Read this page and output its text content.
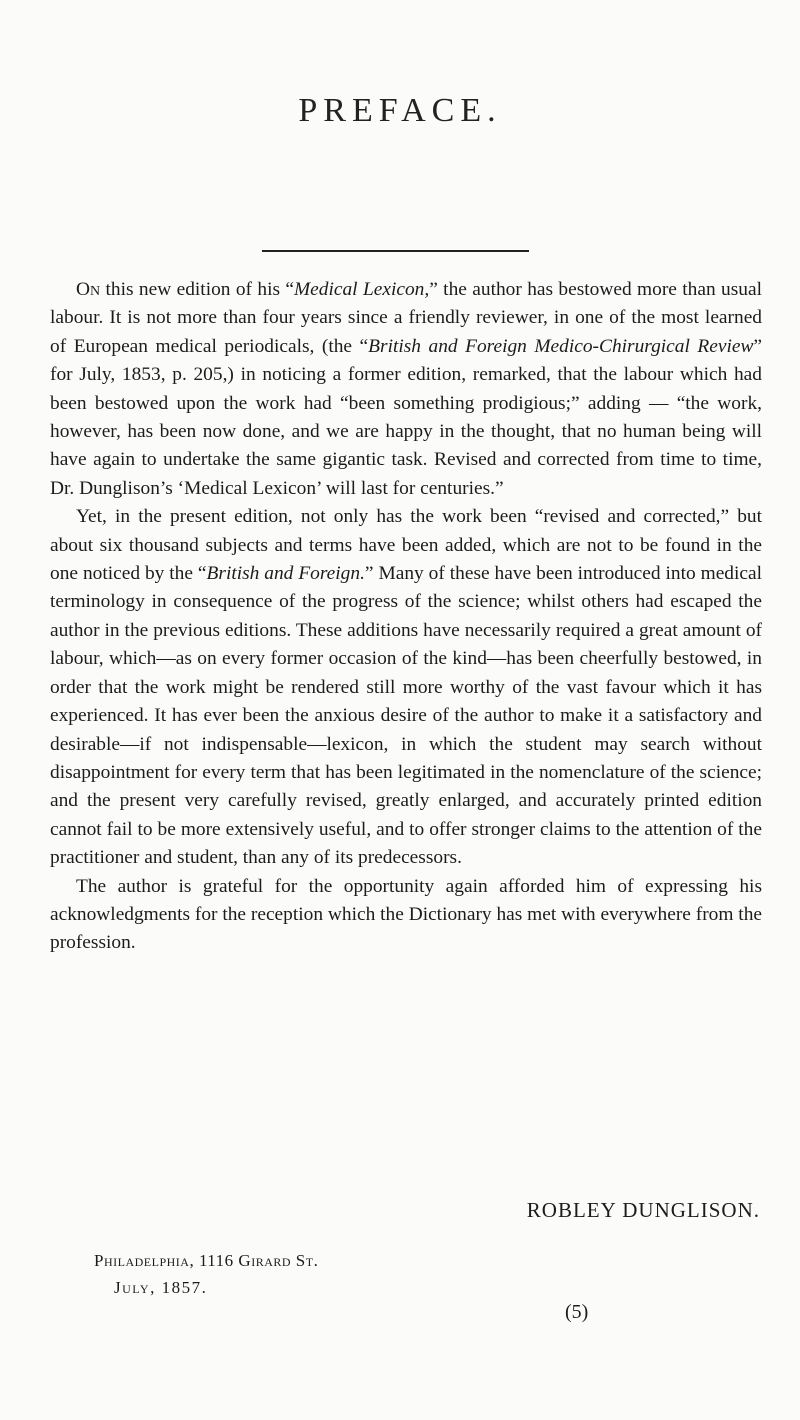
PREFACE.

On this new edition of his “Medical Lexicon,” the author has bestowed more than usual labour. It is not more than four years since a friendly reviewer, in one of the most learned of European medical periodicals, (the “British and Foreign Medico-Chirurgical Review” for July, 1853, p. 205,) in noticing a former edition, remarked, that the labour which had been bestowed upon the work had “been something prodigious;” adding — “the work, however, has been now done, and we are happy in the thought, that no human being will have again to undertake the same gigantic task. Revised and corrected from time to time, Dr. Dunglison’s ‘Medical Lexicon’ will last for centuries.”

Yet, in the present edition, not only has the work been “revised and corrected,” but about six thousand subjects and terms have been added, which are not to be found in the one noticed by the “British and Foreign.” Many of these have been introduced into medical terminology in consequence of the progress of the science; whilst others had escaped the author in the previous editions. These additions have necessarily required a great amount of labour, which—as on every former occasion of the kind—has been cheerfully bestowed, in order that the work might be rendered still more worthy of the vast favour which it has experienced. It has ever been the anxious desire of the author to make it a satisfactory and desirable—if not indispensable—lexicon, in which the student may search without disappointment for every term that has been legitimated in the nomenclature of the science; and the present very carefully revised, greatly enlarged, and accurately printed edition cannot fail to be more extensively useful, and to offer stronger claims to the attention of the practitioner and student, than any of its predecessors.

The author is grateful for the opportunity again afforded him of expressing his acknowledgments for the reception which the Dictionary has met with everywhere from the profession.

ROBLEY DUNGLISON.
Philadelphia, 1116 Girard St.
July, 1857.
(5)
